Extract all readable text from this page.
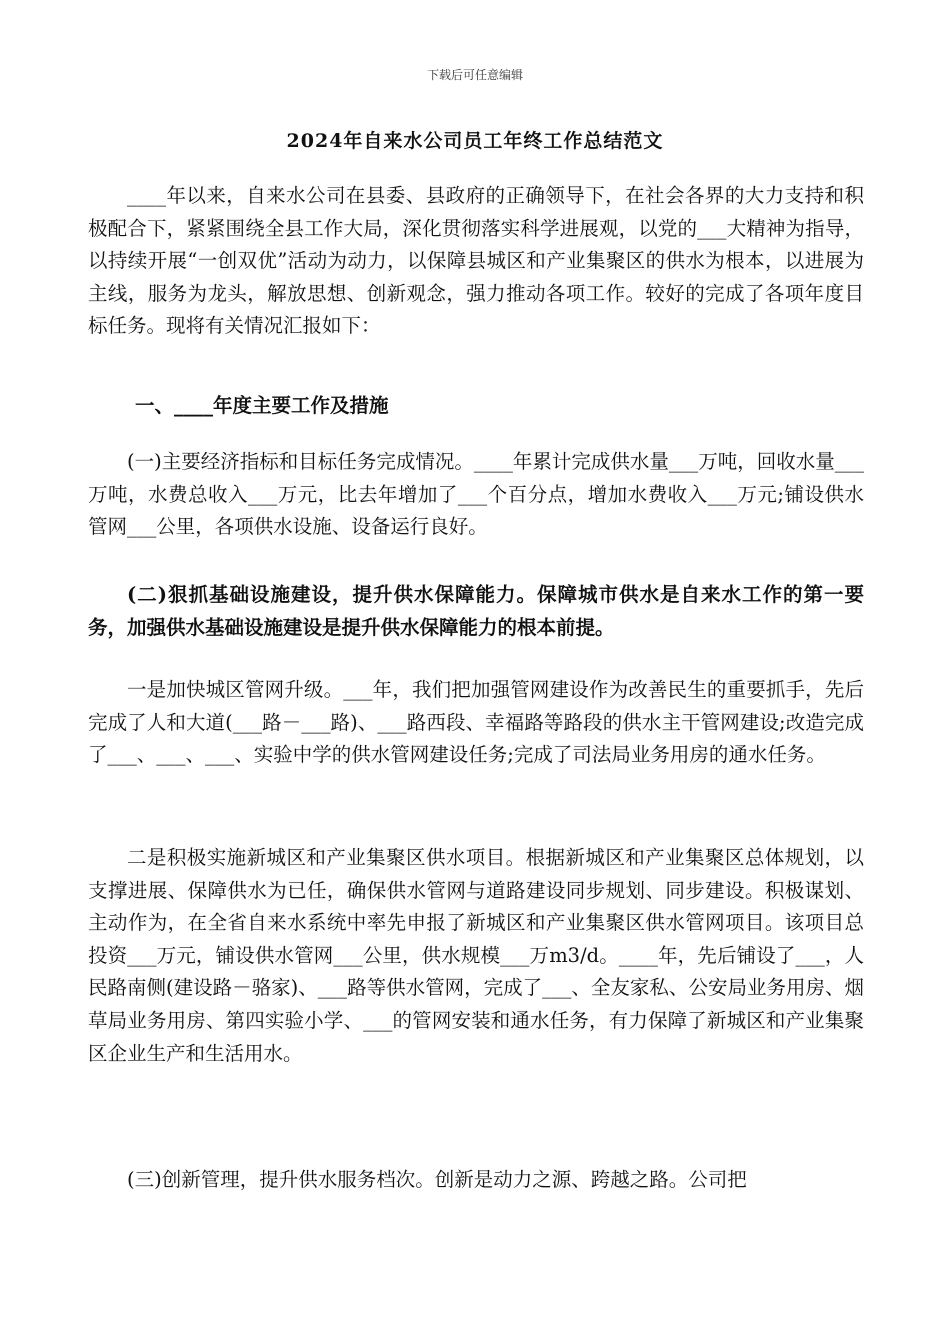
下载后可任意编辑
2024年自来水公司员工年终工作总结范文

____年以来，自来水公司在县委、县政府的正确领导下，在社会各界的大力支持和积极配合下，紧紧围绕全县工作大局，深化贯彻落实科学进展观，以党的___大精神为指导，以持续开展“一创双优”活动为动力，以保障县城区和产业集聚区的供水为根本，以进展为主线，服务为龙头，解放思想、创新观念，强力推动各项工作。较好的完成了各项年度目标任务。现将有关情况汇报如下：

一、____年度主要工作及措施

(一)主要经济指标和目标任务完成情况。____年累计完成供水量___万吨，回收水量___万吨，水费总收入___万元，比去年增加了___个百分点，增加水费收入___万元;铺设供水管网___公里，各项供水设施、设备运行良好。

(二)狠抓基础设施建设，提升供水保障能力。保障城市供水是自来水工作的第一要务，加强供水基础设施建设是提升供水保障能力的根本前提。

一是加快城区管网升级。___年，我们把加强管网建设作为改善民生的重要抓手，先后完成了人和大道(___路－___路)、___路西段、幸福路等路段的供水主干管网建设;改造完成了___、___、___、实验中学的供水管网建设任务;完成了司法局业务用房的通水任务。

二是积极实施新城区和产业集聚区供水项目。根据新城区和产业集聚区总体规划，以支撑进展、保障供水为已任，确保供水管网与道路建设同步规划、同步建设。积极谋划、主动作为，在全省自来水系统中率先申报了新城区和产业集聚区供水管网项目。该项目总投资___万元，铺设供水管网___公里，供水规模___万m3/d。____年，先后铺设了___，人民路南侧(建设路－骆家)、___路等供水管网，完成了___、全友家私、公安局业务用房、烟草局业务用房、第四实验小学、___的管网安装和通水任务，有力保障了新城区和产业集聚区企业生产和生活用水。

(三)创新管理，提升供水服务档次。创新是动力之源、跨越之路。公司把
